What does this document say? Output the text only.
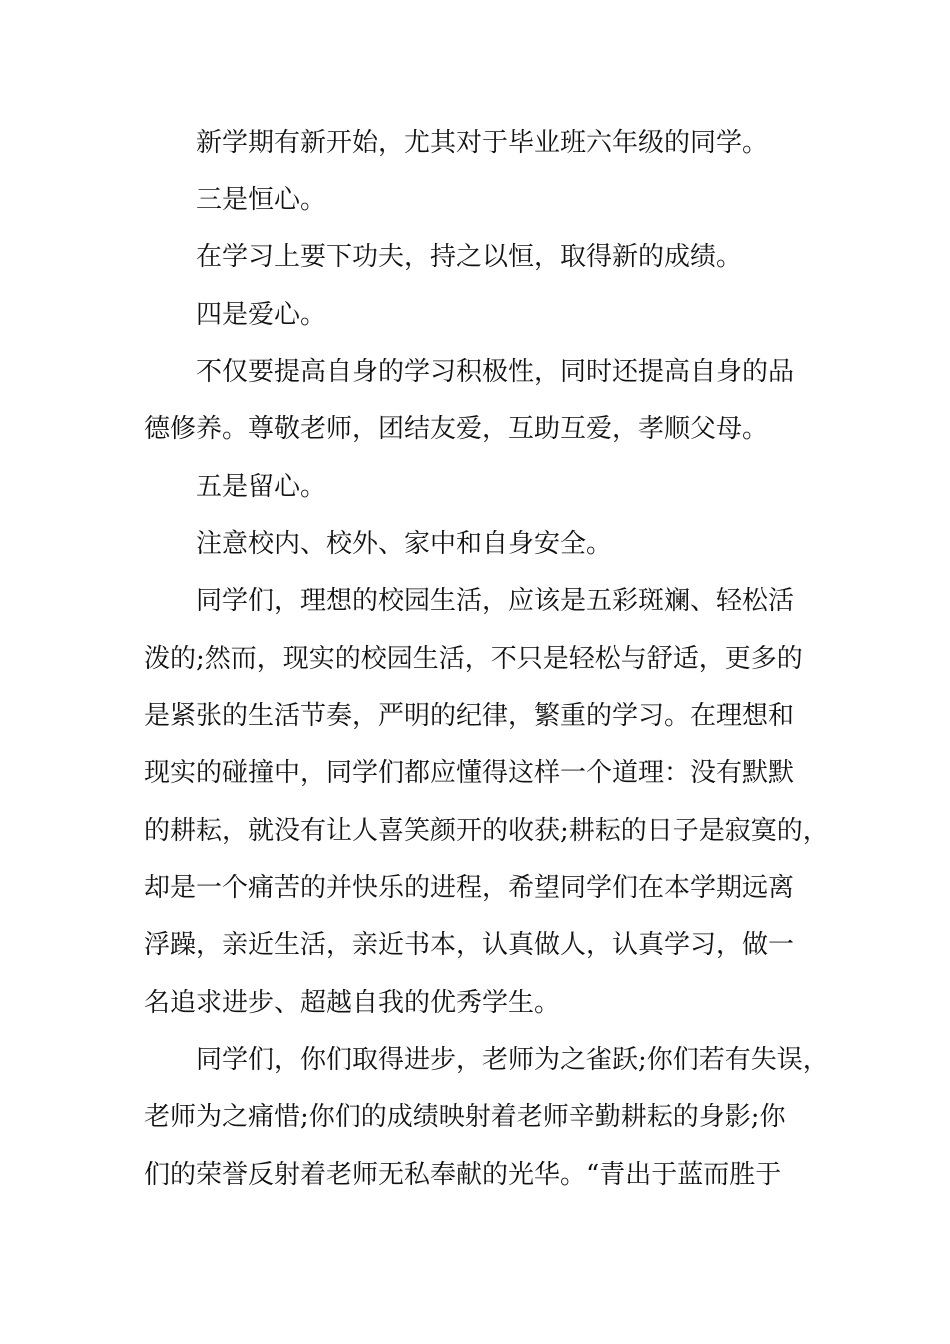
新学期有新开始，尤其对于毕业班六年级的同学。
三是恒心。
在学习上要下功夫，持之以恒，取得新的成绩。
四是爱心。
不仅要提高自身的学习积极性，同时还提高自身的品
德修养。尊敬老师，团结友爱，互助互爱，孝顺父母。
五是留心。
注意校内、校外、家中和自身安全。
同学们，理想的校园生活，应该是五彩斑斓、轻松活
泼的;然而，现实的校园生活，不只是轻松与舒适，更多的
是紧张的生活节奏，严明的纪律，繁重的学习。在理想和
现实的碰撞中，同学们都应懂得这样一个道理：没有默默
的耕耘，就没有让人喜笑颜开的收获;耕耘的日子是寂寞的，
却是一个痛苦的并快乐的进程，希望同学们在本学期远离
浮躁，亲近生活，亲近书本，认真做人，认真学习，做一
名追求进步、超越自我的优秀学生。
同学们，你们取得进步，老师为之雀跃;你们若有失误，
老师为之痛惜;你们的成绩映射着老师辛勤耕耘的身影;你
们的荣誉反射着老师无私奉献的光华。“青出于蓝而胜于
